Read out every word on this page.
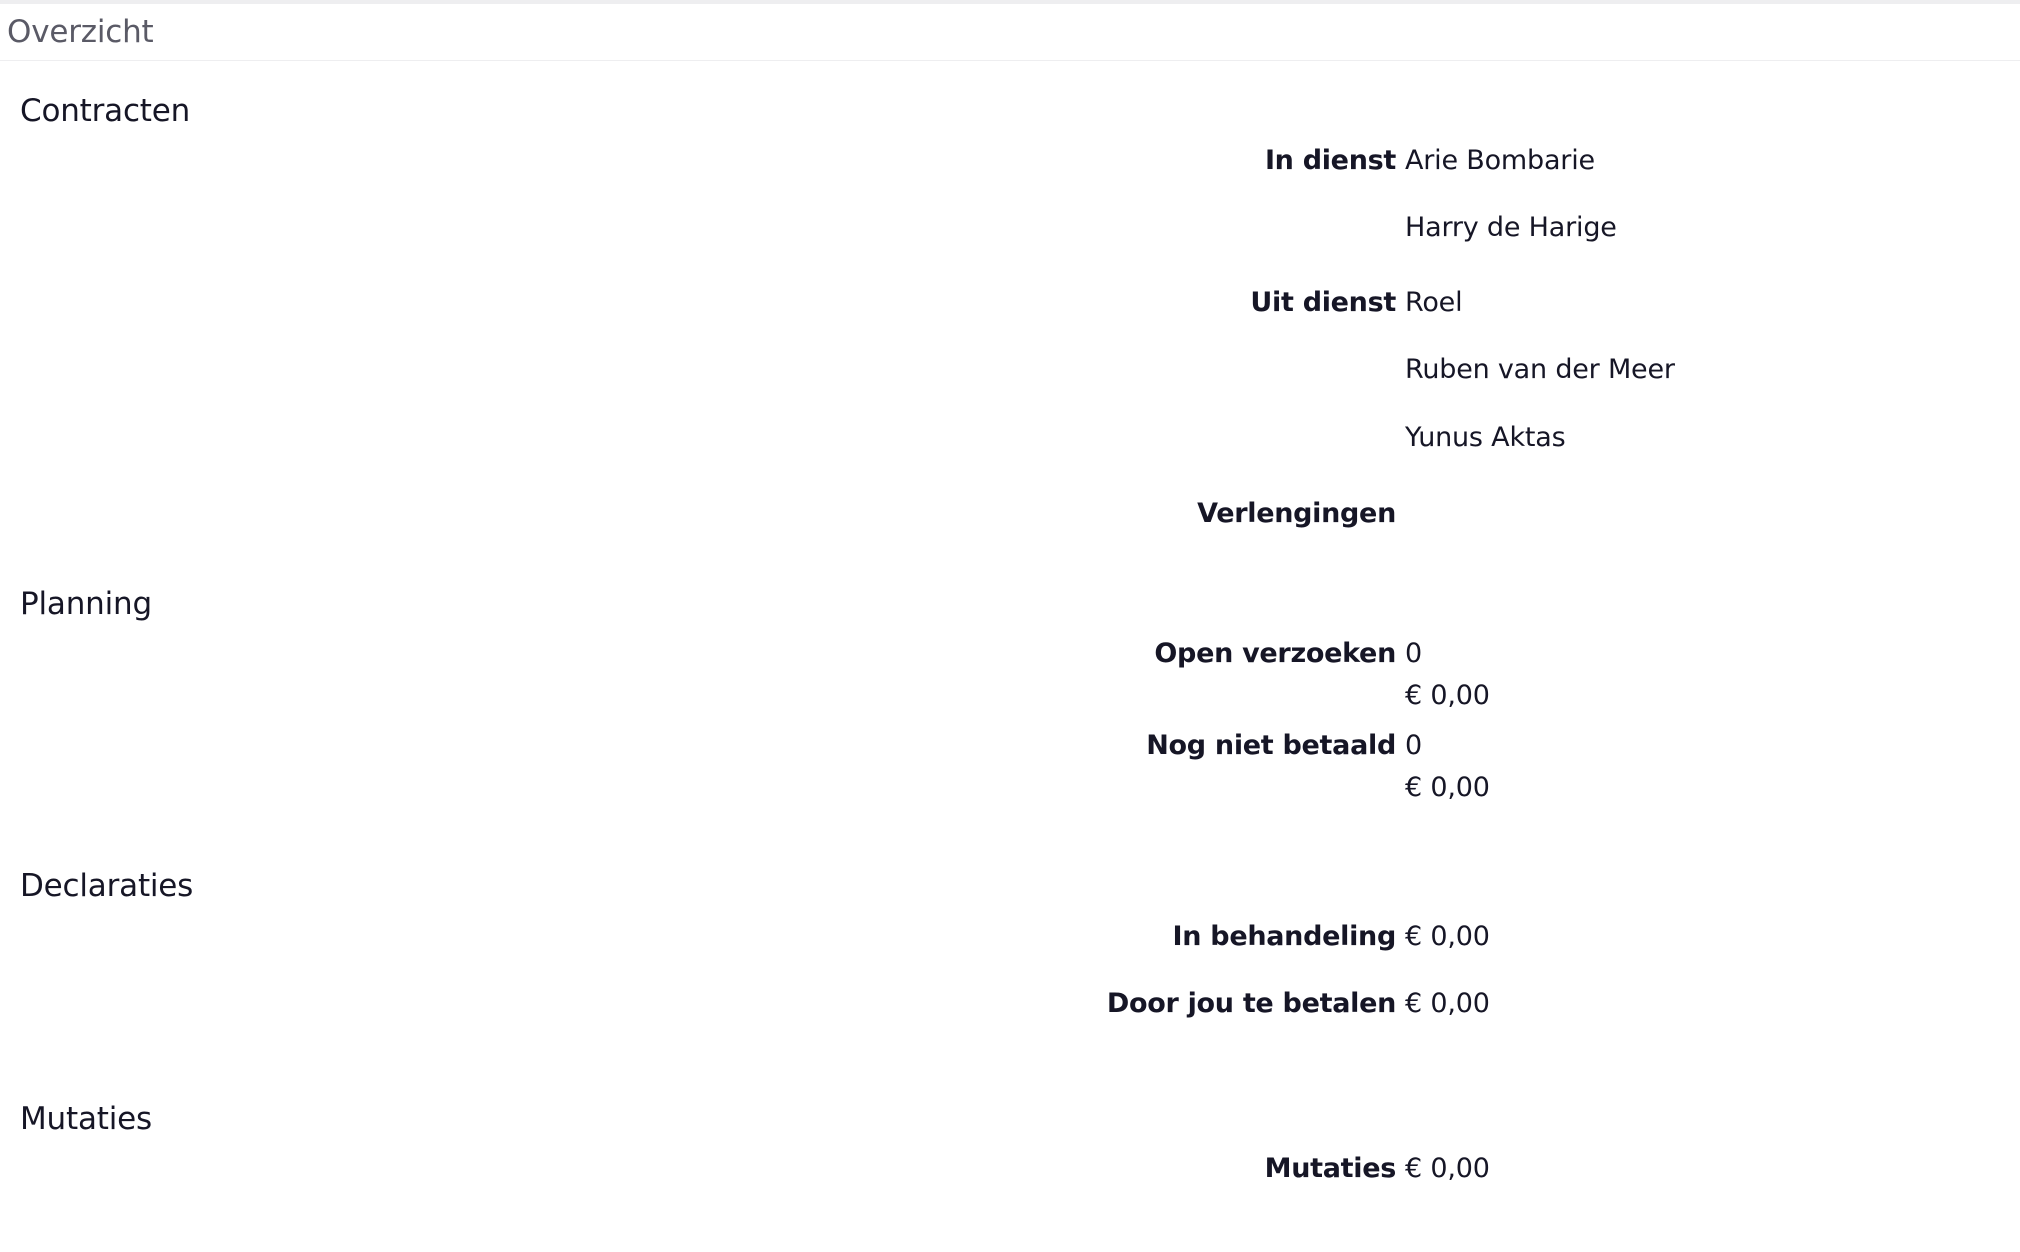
Overzicht
Contracten
In dienst Arie Bombarie
Harry de Harige
Uit dienst Roel
Ruben van der Meer
Yunus Aktas
Verlengingen
Planning
Open verzoeken 0
€ 0,00
Nog niet betaald 0
€ 0,00
Declaraties
In behandeling € 0,00
Door jou te betalen € 0,00
Mutaties
Mutaties € 0,00
